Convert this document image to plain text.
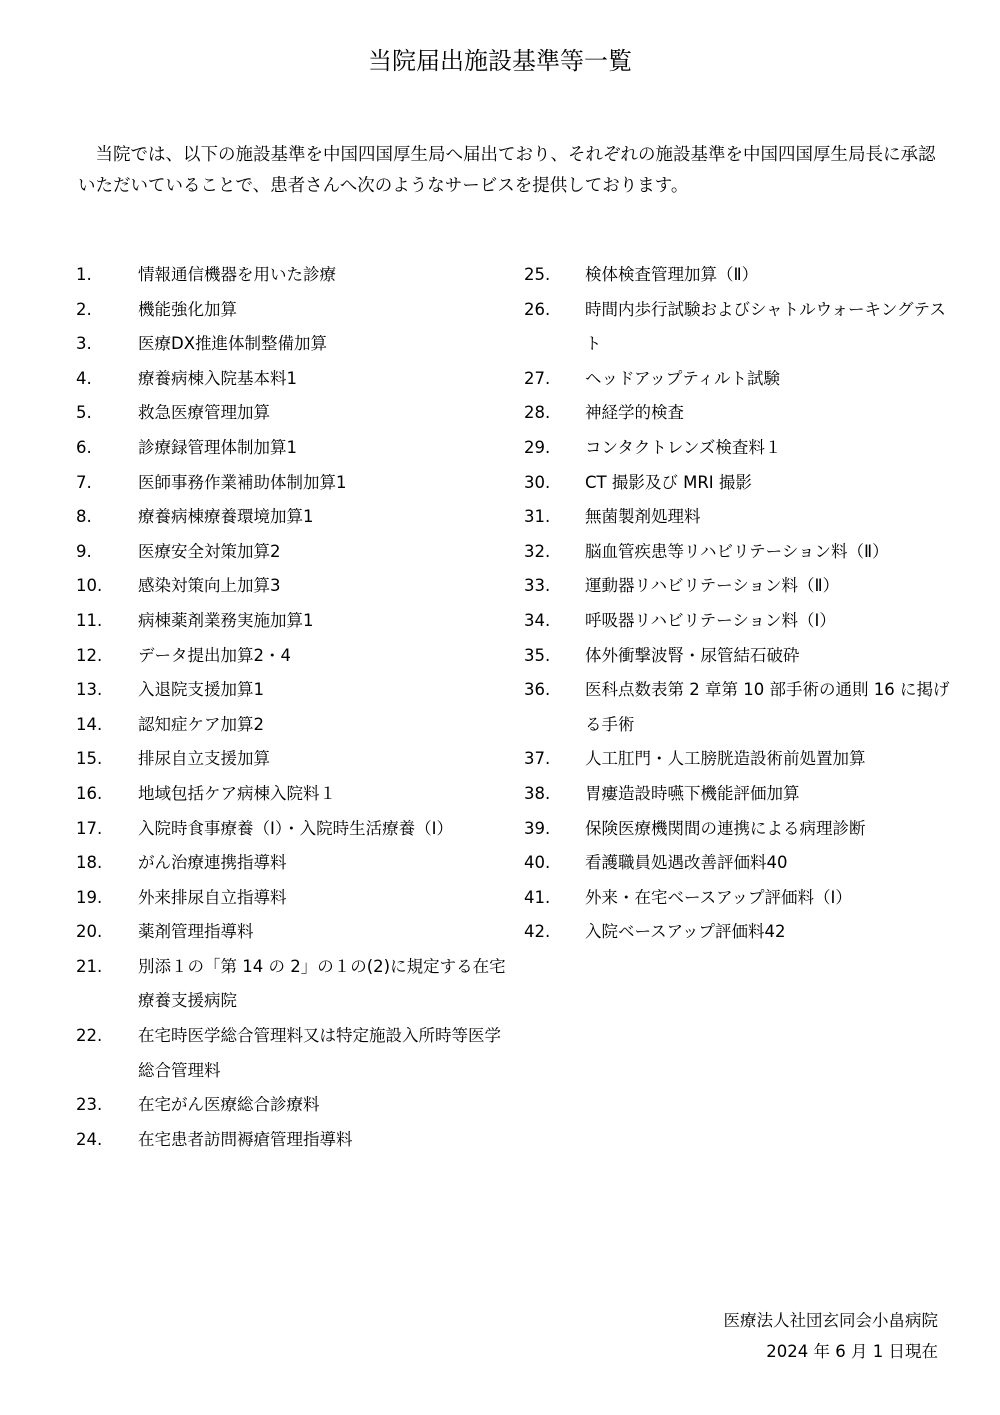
当院届出施設基準等一覧

当院では、以下の施設基準を中国四国厚生局へ届出ており、それぞれの施設基準を中国四国厚生局長に承認いただいていることで、患者さんへ次のようなサービスを提供しております。

1.	情報通信機器を用いた診療
2.	機能強化加算
3.	医療DX推進体制整備加算
4.	療養病棟入院基本料1
5.	救急医療管理加算
6.	診療録管理体制加算1
7.	医師事務作業補助体制加算1
8.	療養病棟療養環境加算1
9.	医療安全対策加算2
10.	感染対策向上加算3
11.	病棟薬剤業務実施加算1
12.	データ提出加算2・4
13.	入退院支援加算1
14.	認知症ケア加算2
15.	排尿自立支援加算
16.	地域包括ケア病棟入院料１
17.	入院時食事療養（Ⅰ）・入院時生活療養（Ⅰ）
18.	がん治療連携指導料
19.	外来排尿自立指導料
20.	薬剤管理指導料
21.	別添１の「第 14 の 2」の１の(2)に規定する在宅療養支援病院
22.	在宅時医学総合管理料又は特定施設入所時等医学総合管理料
23.	在宅がん医療総合診療料
24.	在宅患者訪問褥瘡管理指導料
25.	検体検査管理加算（Ⅱ）
26.	時間内歩行試験およびシャトルウォーキングテスト
27.	ヘッドアップティルト試験
28.	神経学的検査
29.	コンタクトレンズ検査料１
30.	CT 撮影及び MRI 撮影
31.	無菌製剤処理料
32.	脳血管疾患等リハビリテーション料（Ⅱ）
33.	運動器リハビリテーション料（Ⅱ）
34.	呼吸器リハビリテーション料（Ⅰ）
35.	体外衝撃波腎・尿管結石破砕
36.	医科点数表第 2 章第 10 部手術の通則 16 に掲げる手術
37.	人工肛門・人工膀胱造設術前処置加算
38.	胃瘻造設時嚥下機能評価加算
39.	保険医療機関間の連携による病理診断
40.	看護職員処遇改善評価料40
41.	外来・在宅ベースアップ評価料（Ⅰ）
42.	入院ベースアップ評価料42
医療法人社団玄同会小畠病院
2024 年 6 月 1 日現在
